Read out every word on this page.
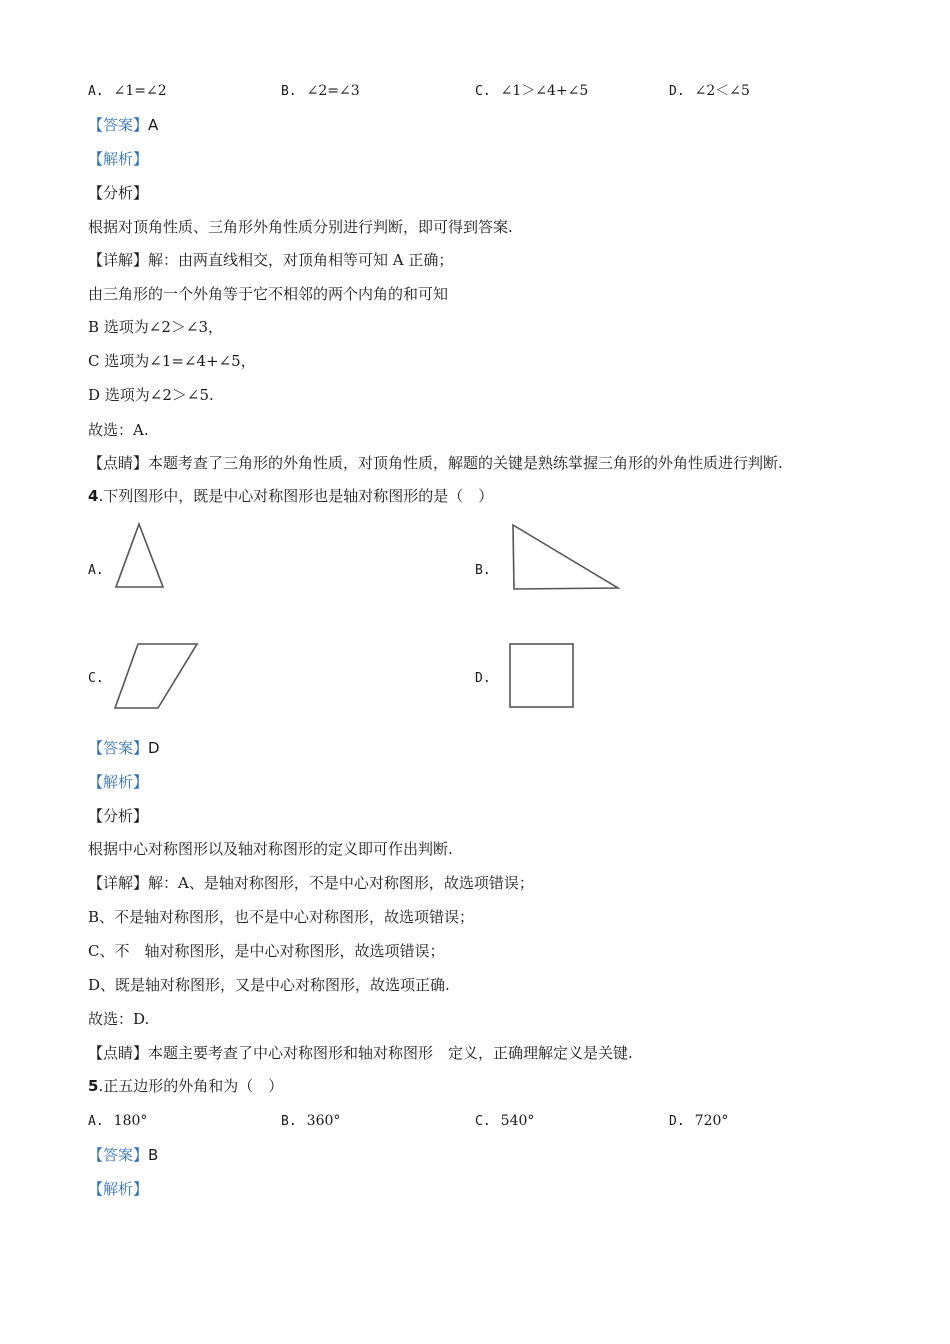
A. ∠1=∠2	B. ∠2=∠3	C. ∠1＞∠4+∠5	D. ∠2＜∠5
【答案】A
【解析】
【分析】
根据对顶角性质、三角形外角性质分别进行判断，即可得到答案.
【详解】解：由两直线相交，对顶角相等可知 A 正确；
由三角形的一个外角等于它不相邻的两个内角的和可知
B 选项为∠2＞∠3，
C 选项为∠1=∠4+∠5，
D 选项为∠2＞∠5.
故选：A.
【点睛】本题考查了三角形的外角性质，对顶角性质，解题的关键是熟练掌握三角形的外角性质进行判断.
4.下列图形中，既是中心对称图形也是轴对称图形的是（　）
A.	B.
C.	D.
【答案】D
【解析】
【分析】
根据中心对称图形以及轴对称图形的定义即可作出判断.
【详解】解：A、是轴对称图形，不是中心对称图形，故选项错误；
B、不是轴对称图形，也不是中心对称图形，故选项错误；
C、不　轴对称图形，是中心对称图形，故选项错误；
D、既是轴对称图形，又是中心对称图形，故选项正确.
故选：D.
【点睛】本题主要考查了中心对称图形和轴对称图形　定义，正确理解定义是关键.
5.正五边形的外角和为（　）
A. 180°	B. 360°	C. 540°	D. 720°
【答案】B
【解析】
